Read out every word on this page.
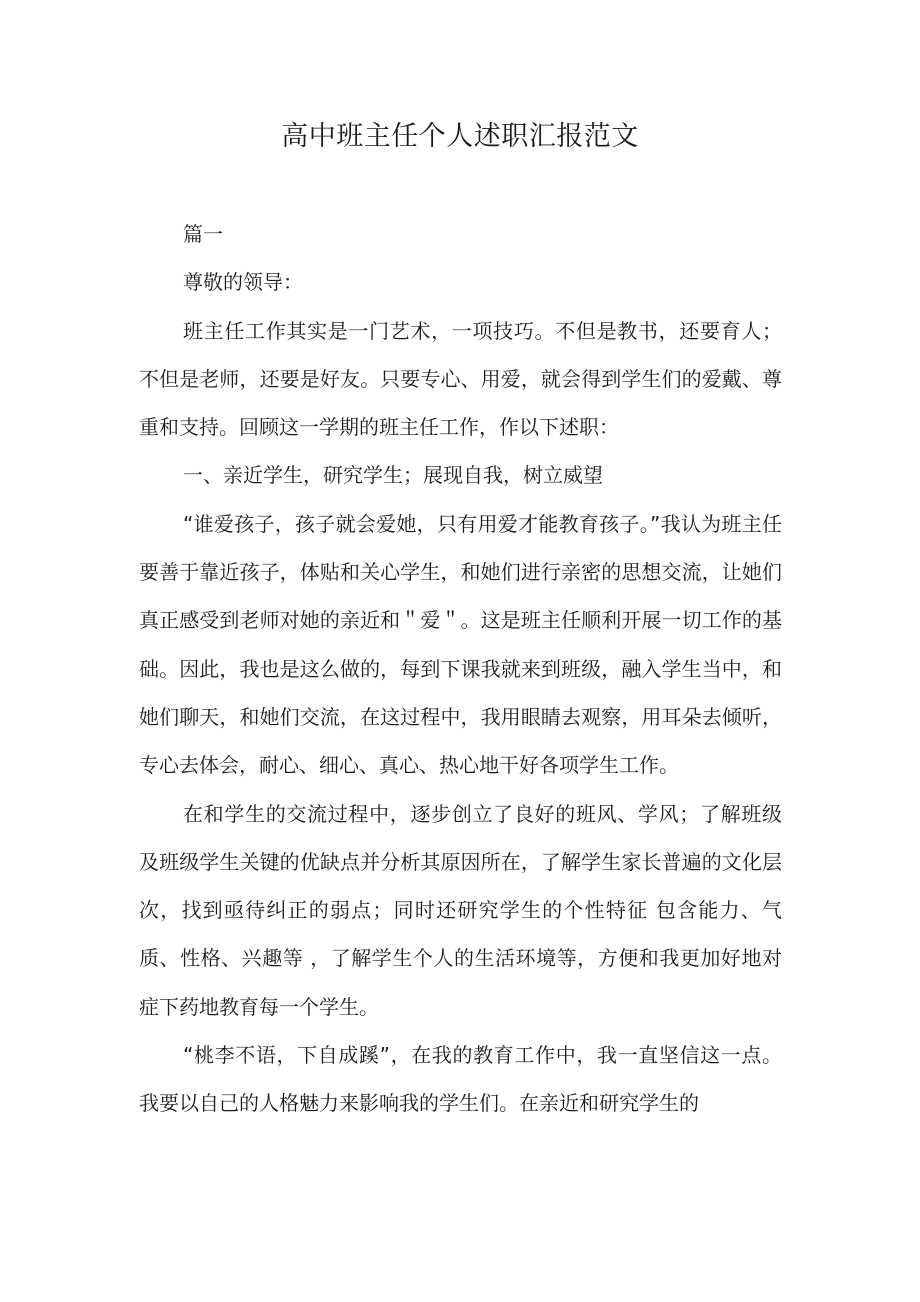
高中班主任个人述职汇报范文

篇一

尊敬的领导：

班主任工作其实是一门艺术，一项技巧。不但是教书，还要育人；不但是老师，还要是好友。只要专心、用爱，就会得到学生们的爱戴、尊重和支持。回顾这一学期的班主任工作，作以下述职：

一、亲近学生，研究学生；展现自我，树立威望

“谁爱孩子，孩子就会爱她，只有用爱才能教育孩子。”我认为班主任要善于靠近孩子，体贴和关心学生，和她们进行亲密的思想交流，让她们真正感受到老师对她的亲近和＂爱＂。这是班主任顺利开展一切工作的基础。因此，我也是这么做的，每到下课我就来到班级，融入学生当中，和她们聊天，和她们交流，在这过程中，我用眼睛去观察，用耳朵去倾听，专心去体会，耐心、细心、真心、热心地干好各项学生工作。

在和学生的交流过程中，逐步创立了良好的班风、学风；了解班级及班级学生关键的优缺点并分析其原因所在，了解学生家长普遍的文化层次，找到亟待纠正的弱点；同时还研究学生的个性特征 包含能力、气质、性格、兴趣等 ，了解学生个人的生活环境等，方便和我更加好地对症下药地教育每一个学生。

“桃李不语，下自成蹊”，在我的教育工作中，我一直坚信这一点。我要以自己的人格魅力来影响我的学生们。在亲近和研究学生的
